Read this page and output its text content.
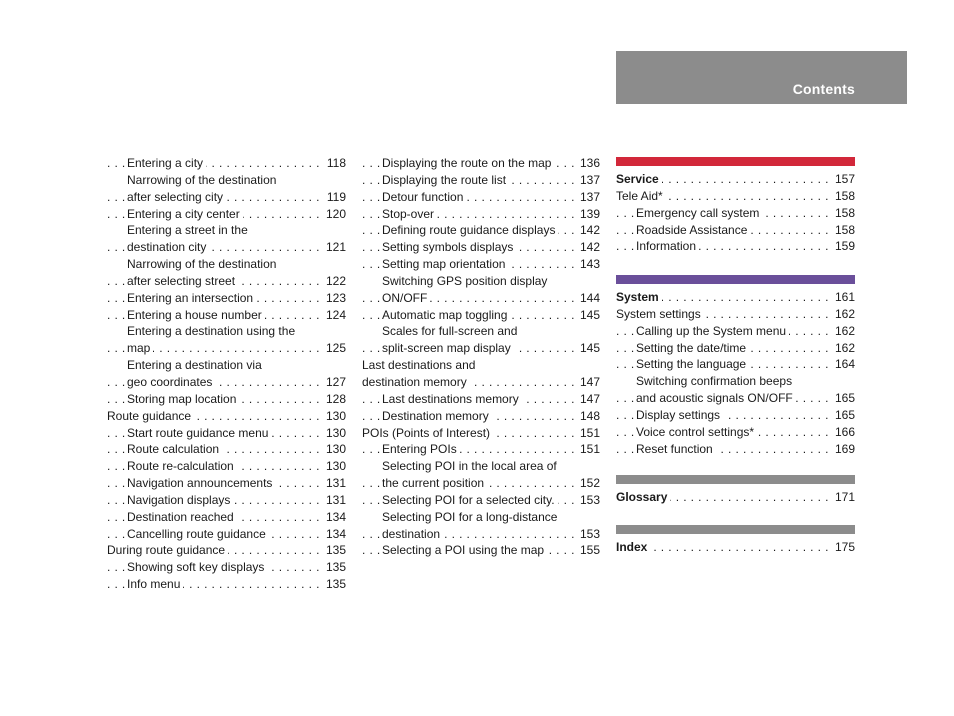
Contents
Entering a city	118
. . .
Narrowing of the destination
after selecting city	119
. . .
Entering a city center	120
. . .
Entering a street in the
destination city	121
. . .
Narrowing of the destination
after selecting street	122
. . .
Entering an intersection	123
. . .
Entering a house number	124
. . .
Entering a destination using the
map	125
. . .
Entering a destination via
geo coordinates	127
. . .
Storing map location	128
. . .
Route guidance	130
. . .
Start route guidance menu	130
. . .
Route calculation	130
. . .
Route re-calculation	130
. . .
Navigation announcements	131
. . .
Navigation displays	131
. . .
Destination reached	134
. . .
Cancelling route guidance	134
. . .
During route guidance	135
. . .
Showing soft key displays	135
. . .
Info menu	135
. . .
Displaying the route on the map	136
. . .
Displaying the route list	137
. . .
Detour function	137
. . .
Stop-over	139
. . .
Defining route guidance displays	142
. . .
Setting symbols displays	142
. . .
Setting map orientation	143
. . .
Switching GPS position display
ON/OFF	144
. . .
Automatic map toggling	145
. . .
Scales for full-screen and
split-screen map display	145
. . .
Last destinations and
destination memory	147
. . .
Last destinations memory	147
. . .
Destination memory	148
. . .
POIs (Points of Interest)	151
. . .
Entering POIs	151
. . .
Selecting POI in the local area of
the current position	152
. . .
Selecting POI for a selected city.	153
. . .
Selecting POI for a long-distance
destination	153
. . .
Selecting a POI using the map	155
. . .
Service	157
. . .
Tele Aid*	158
. . .
Emergency call system	158
. . .
Roadside Assistance	158
. . .
Information	159
. . .
System	161
. . .
System settings	162
. . .
Calling up the System menu	162
. . .
Setting the date/time	162
. . .
Setting the language	164
. . .
Switching confirmation beeps
and acoustic signals ON/OFF	165
. . .
Display settings	165
. . .
Voice control settings*	166
. . .
Reset function	169
. . .
Glossary	171
. . .
Index	175
. . .
